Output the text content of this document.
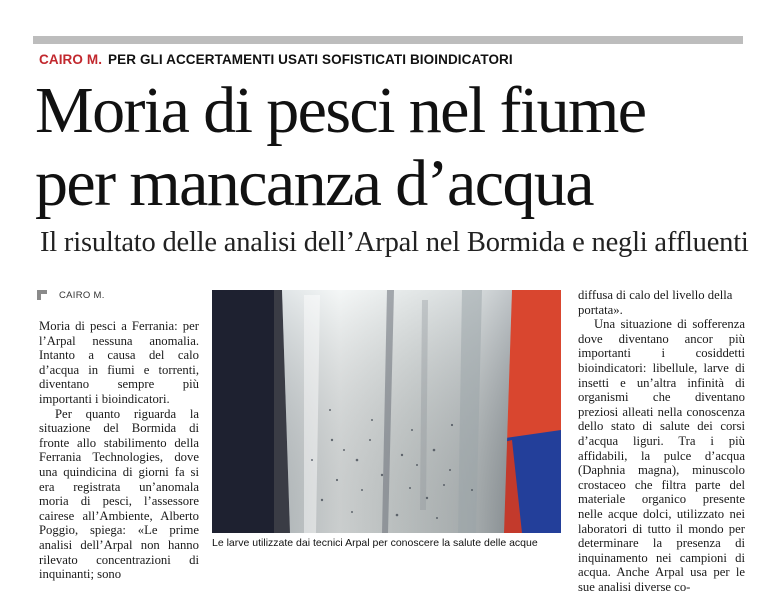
CAIRO M. PER GLI ACCERTAMENTI USATI SOFISTICATI BIOINDICATORI
Moria di pesci nel fiume
per mancanza d’acqua
Il risultato delle analisi dell’Arpal nel Bormida e negli affluenti
CAIRO M.

Moria di pesci a Ferrania: per l’Arpal nessuna anomalia. Intanto a causa del calo d’acqua in fiumi e torrenti, diventano sempre più importanti i bioindicatori.

Per quanto riguarda la situazione del Bormida di fronte allo stabilimento della Ferrania Technologies, dove una quindicina di giorni fa si era registrata un’anomala moria di pesci, l’assessore cairese all’Ambiente, Alberto Poggio, spiega: «Le prime analisi dell’Arpal non hanno rilevato concentrazioni di inquinanti; sono

Le larve utilizzate dai tecnici Arpal per conoscere la salute delle acque

diffusa di calo del livello della portata».

Una situazione di sofferenza dove diventano ancor più importanti i cosiddetti bioindicatori: libellule, larve di insetti e un’altra infinità di organismi che diventano preziosi alleati nella conoscenza dello stato di salute dei corsi d’acqua liguri. Tra i più affidabili, la pulce d’acqua (Daphnia magna), minuscolo crostaceo che filtra parte del materiale organico presente nelle acque dolci, utilizzato nei laboratori di tutto il mondo per determinare la presenza di inquinamento nei campioni di acqua. Anche Arpal usa per le sue analisi diverse co-
